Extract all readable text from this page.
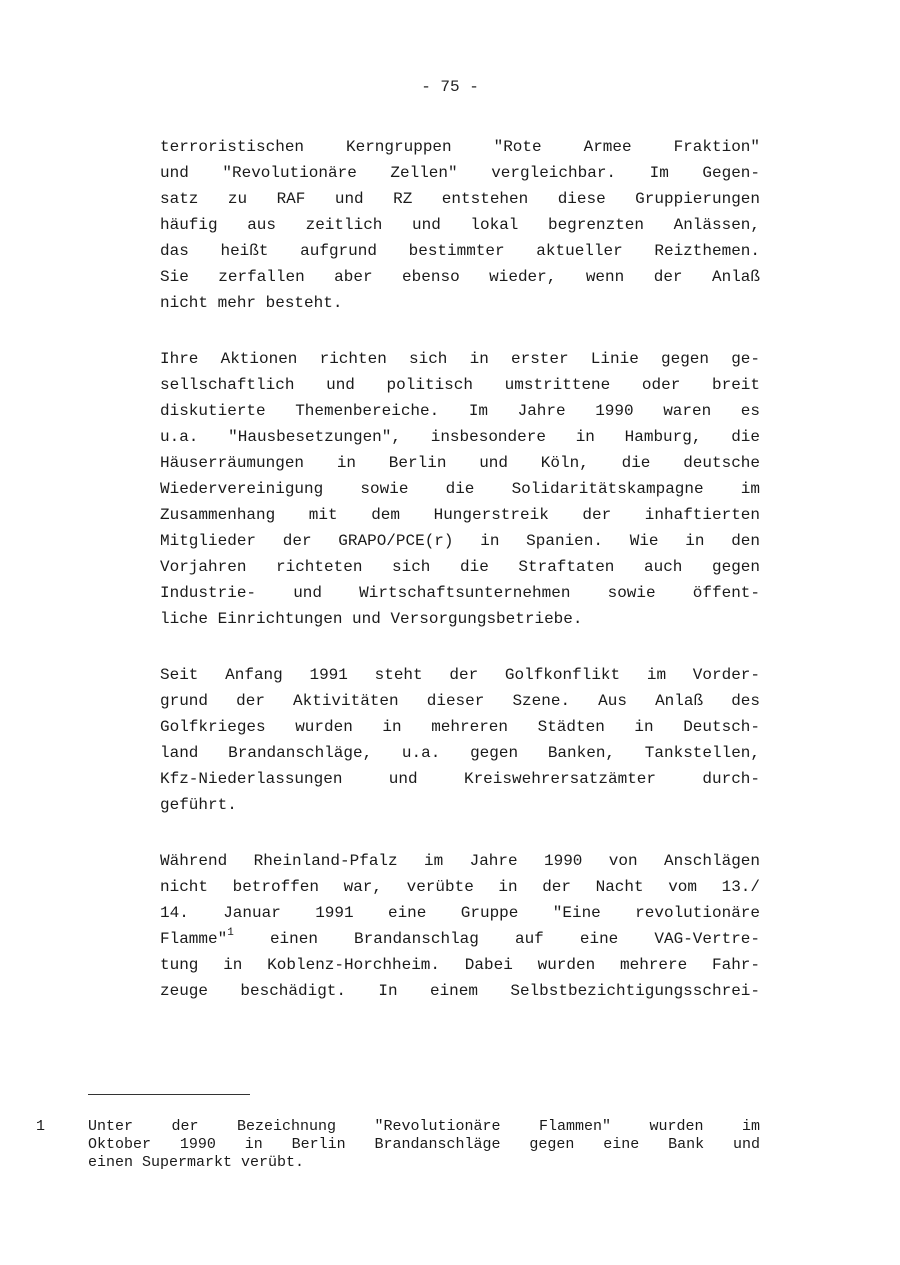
- 75 -

terroristischen Kerngruppen "Rote Armee Fraktion"
und "Revolutionäre Zellen" vergleichbar. Im Gegen-
satz zu RAF und RZ entstehen diese Gruppierungen
häufig aus zeitlich und lokal begrenzten Anlässen,
das heißt aufgrund bestimmter aktueller Reizthemen.
Sie zerfallen aber ebenso wieder, wenn der Anlaß
nicht mehr besteht.

Ihre Aktionen richten sich in erster Linie gegen ge-
sellschaftlich und politisch umstrittene oder breit
diskutierte Themenbereiche. Im Jahre 1990 waren es
u.a. "Hausbesetzungen", insbesondere in Hamburg, die
Häuserräumungen in Berlin und Köln, die deutsche
Wiedervereinigung sowie die Solidaritätskampagne im
Zusammenhang mit dem Hungerstreik der inhaftierten
Mitglieder der GRAPO/PCE(r) in Spanien. Wie in den
Vorjahren richteten sich die Straftaten auch gegen
Industrie- und Wirtschaftsunternehmen sowie öffent-
liche Einrichtungen und Versorgungsbetriebe.

Seit Anfang 1991 steht der Golfkonflikt im Vorder-
grund der Aktivitäten dieser Szene. Aus Anlaß des
Golfkrieges wurden in mehreren Städten in Deutsch-
land Brandanschläge, u.a. gegen Banken, Tankstellen,
Kfz-Niederlassungen und Kreiswehrersatzämter durch-
geführt.

Während Rheinland-Pfalz im Jahre 1990 von Anschlägen
nicht betroffen war, verübte in der Nacht vom 13./
14. Januar 1991 eine Gruppe "Eine revolutionäre
Flamme"$^1$ einen Brandanschlag auf eine VAG-Vertre-
tung in Koblenz-Horchheim. Dabei wurden mehrere Fahr-
zeuge beschädigt. In einem Selbstbezichtigungsschrei-

1	Unter der Bezeichnung "Revolutionäre Flammen" wurden im
Oktober 1990 in Berlin Brandanschläge gegen eine Bank und
einen Supermarkt verübt.
